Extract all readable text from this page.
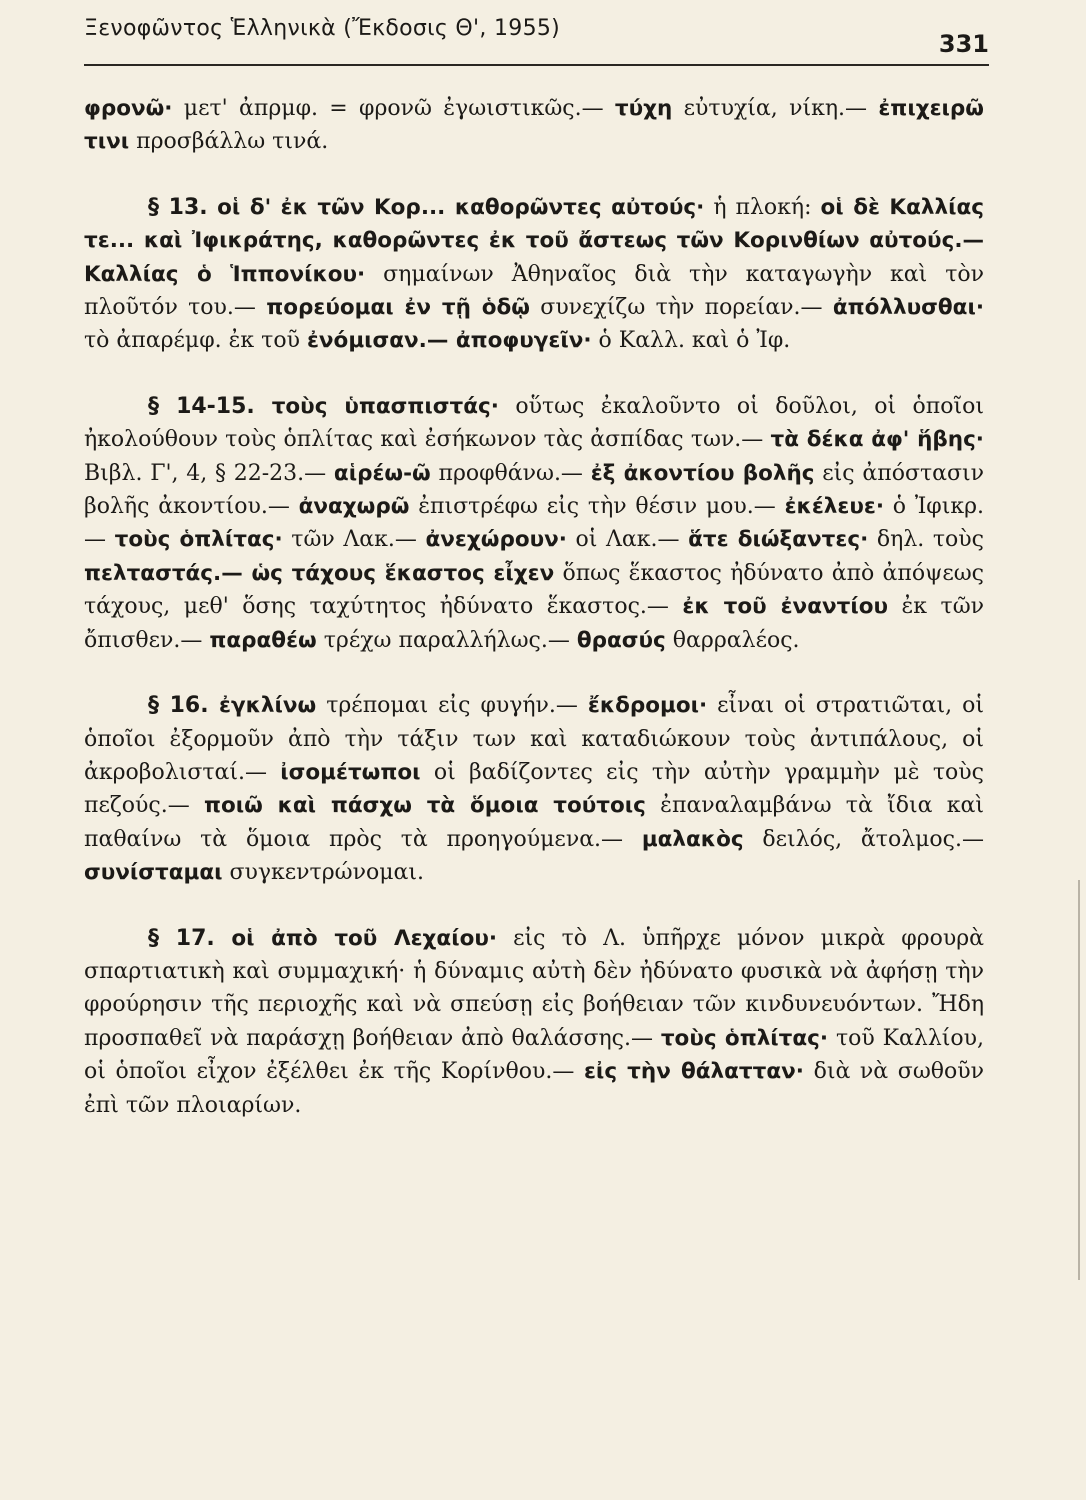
Ξενοφῶντος Ἑλληνικὰ (Ἔκδοσις Θ', 1955)
331

φρονῶ· μετ' ἀπρμφ. = φρονῶ ἐγωιστικῶς.— τύχη εὐτυχία, νίκη.— ἐπιχειρῶ τινι προσβάλλω τινά.

§ 13. οἱ δ' ἐκ τῶν Κορ... καθορῶντες αὐτούς· ἡ πλοκή: οἱ δὲ Καλλίας τε... καὶ Ἰφικράτης, καθορῶντες ἐκ τοῦ ἄστεως τῶν Κορινθίων αὐτούς.— Καλλίας ὁ Ἱππονίκου· σημαίνων Ἀθηναῖος διὰ τὴν καταγωγὴν καὶ τὸν πλοῦτόν του.— πορεύομαι ἐν τῇ ὁδῷ συνεχίζω τὴν πορείαν.— ἀπόλλυσθαι· τὸ ἀπαρέμφ. ἐκ τοῦ ἐνόμισαν.— ἀποφυγεῖν· ὁ Καλλ. καὶ ὁ Ἰφ.

§ 14-15. τοὺς ὑπασπιστάς· οὕτως ἐκαλοῦντο οἱ δοῦλοι, οἱ ὁποῖοι ἠκολούθουν τοὺς ὁπλίτας καὶ ἐσήκωνον τὰς ἀσπίδας των.— τὰ δέκα ἀφ' ἥβης· Βιβλ. Γ', 4, § 22-23.— αἱρέω-ῶ προφθάνω.— ἐξ ἀκοντίου βολῆς εἰς ἀπόστασιν βολῆς ἀκοντίου.— ἀναχωρῶ ἐπιστρέφω εἰς τὴν θέσιν μου.— ἐκέλευε· ὁ Ἰφικρ.— τοὺς ὁπλίτας· τῶν Λακ.— ἀνεχώρουν· οἱ Λακ.— ἅτε διώξαντες· δηλ. τοὺς πελταστάς.— ὡς τάχους ἕκαστος εἶχεν ὅπως ἕκαστος ἠδύνατο ἀπὸ ἀπόψεως τάχους, μεθ' ὅσης ταχύτητος ἠδύνατο ἕκαστος.— ἐκ τοῦ ἐναντίου ἐκ τῶν ὄπισθεν.— παραθέω τρέχω παραλλήλως.— θρασύς θαρραλέος.

§ 16. ἐγκλίνω τρέπομαι εἰς φυγήν.— ἔκδρομοι· εἶναι οἱ στρατιῶται, οἱ ὁποῖοι ἐξορμοῦν ἀπὸ τὴν τάξιν των καὶ καταδιώκουν τοὺς ἀντιπάλους, οἱ ἀκροβολισταί.— ἰσομέτωποι οἱ βαδίζοντες εἰς τὴν αὐτὴν γραμμὴν μὲ τοὺς πεζούς.— ποιῶ καὶ πάσχω τὰ ὅμοια τούτοις ἐπαναλαμβάνω τὰ ἴδια καὶ παθαίνω τὰ ὅμοια πρὸς τὰ προηγούμενα.— μαλακὸς δειλός, ἄτολμος.— συνίσταμαι συγκεντρώνομαι.

§ 17. οἱ ἀπὸ τοῦ Λεχαίου· εἰς τὸ Λ. ὑπῆρχε μόνον μικρὰ φρουρὰ σπαρτιατικὴ καὶ συμμαχική· ἡ δύναμις αὐτὴ δὲν ἠδύνατο φυσικὰ νὰ ἀφήσῃ τὴν φρούρησιν τῆς περιοχῆς καὶ νὰ σπεύσῃ εἰς βοήθειαν τῶν κινδυνευόντων. Ἤδη προσπαθεῖ νὰ παράσχῃ βοήθειαν ἀπὸ θαλάσσης.— τοὺς ὁπλίτας· τοῦ Καλλίου, οἱ ὁποῖοι εἶχον ἐξέλθει ἐκ τῆς Κορίνθου.— εἰς τὴν θάλατταν· διὰ νὰ σωθοῦν ἐπὶ τῶν πλοιαρίων.
